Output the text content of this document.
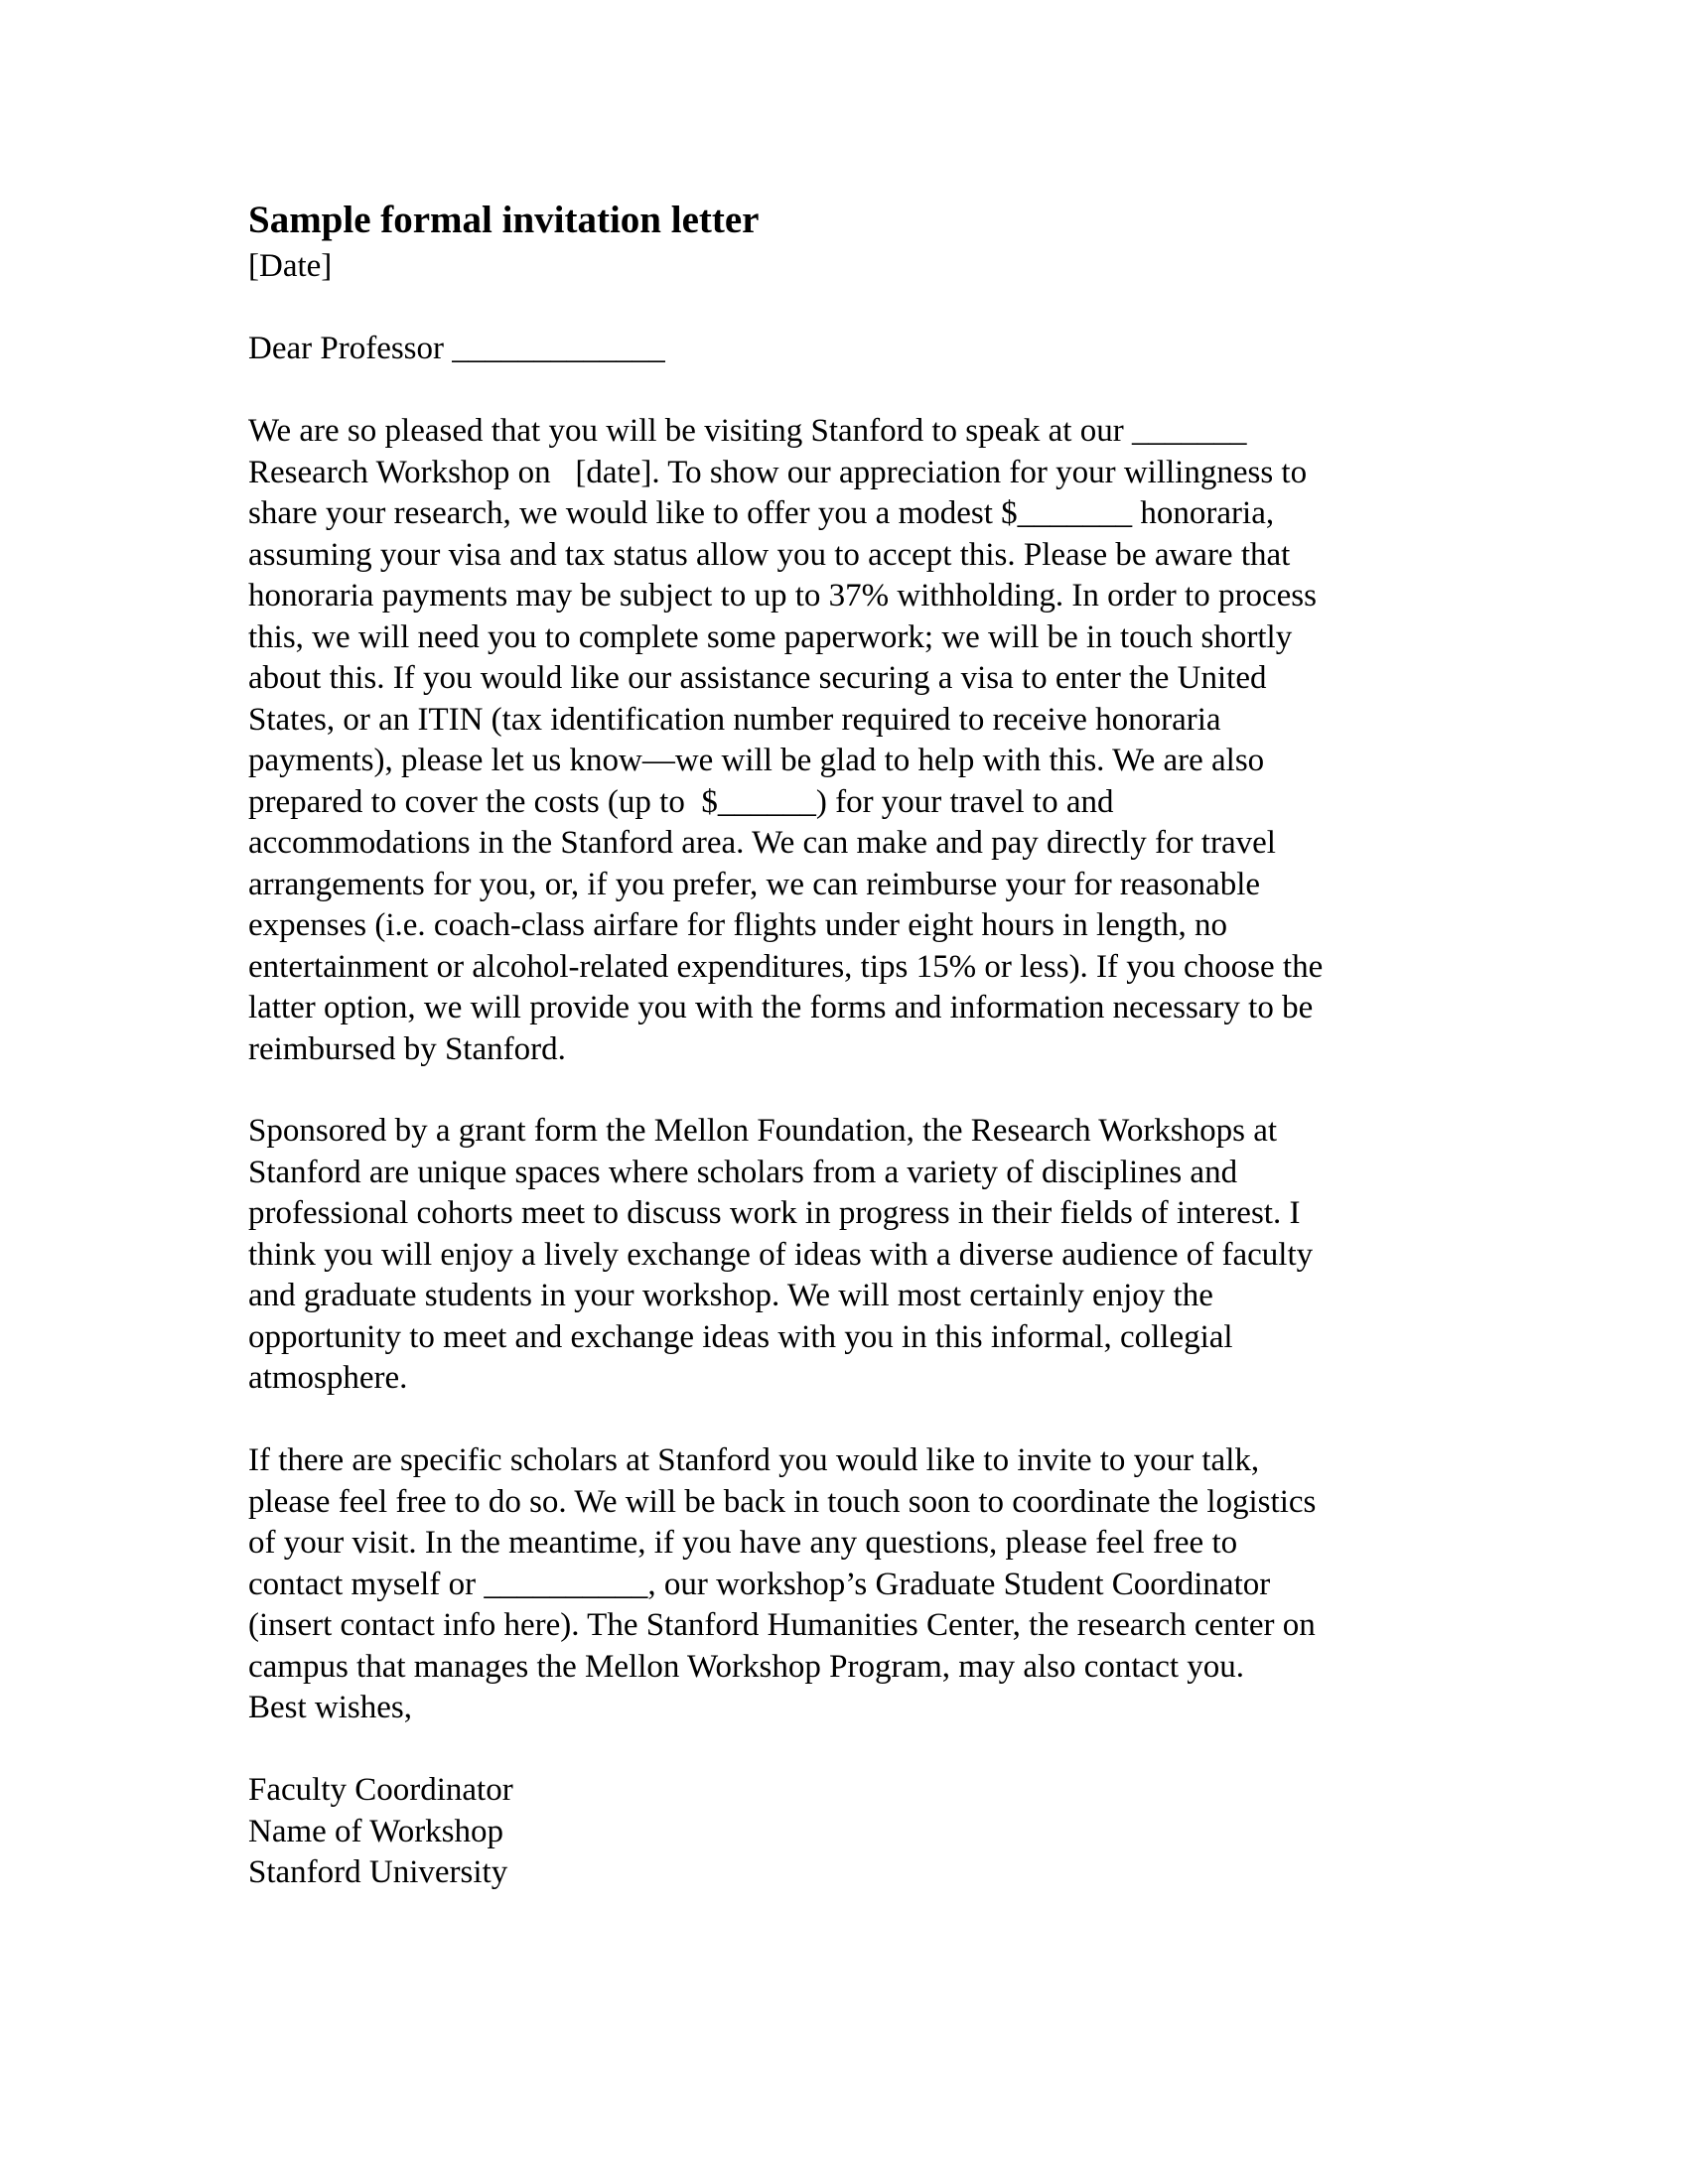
Sample formal invitation letter
[Date]
Dear Professor _____________
We are so pleased that you will be visiting Stanford to speak at our _______
Research Workshop on   [date]. To show our appreciation for your willingness to
share your research, we would like to offer you a modest $_______ honoraria,
assuming your visa and tax status allow you to accept this. Please be aware that
honoraria payments may be subject to up to 37% withholding. In order to process
this, we will need you to complete some paperwork; we will be in touch shortly
about this. If you would like our assistance securing a visa to enter the United
States, or an ITIN (tax identification number required to receive honoraria
payments), please let us know—we will be glad to help with this. We are also
prepared to cover the costs (up to  $______) for your travel to and
accommodations in the Stanford area. We can make and pay directly for travel
arrangements for you, or, if you prefer, we can reimburse your for reasonable
expenses (i.e. coach-class airfare for flights under eight hours in length, no
entertainment or alcohol-related expenditures, tips 15% or less). If you choose the
latter option, we will provide you with the forms and information necessary to be
reimbursed by Stanford.
Sponsored by a grant form the Mellon Foundation, the Research Workshops at
Stanford are unique spaces where scholars from a variety of disciplines and
professional cohorts meet to discuss work in progress in their fields of interest. I
think you will enjoy a lively exchange of ideas with a diverse audience of faculty
and graduate students in your workshop. We will most certainly enjoy the
opportunity to meet and exchange ideas with you in this informal, collegial
atmosphere.
If there are specific scholars at Stanford you would like to invite to your talk,
please feel free to do so. We will be back in touch soon to coordinate the logistics
of your visit. In the meantime, if you have any questions, please feel free to
contact myself or __________, our workshop’s Graduate Student Coordinator
(insert contact info here). The Stanford Humanities Center, the research center on
campus that manages the Mellon Workshop Program, may also contact you.
Best wishes,
Faculty Coordinator
Name of Workshop
Stanford University
